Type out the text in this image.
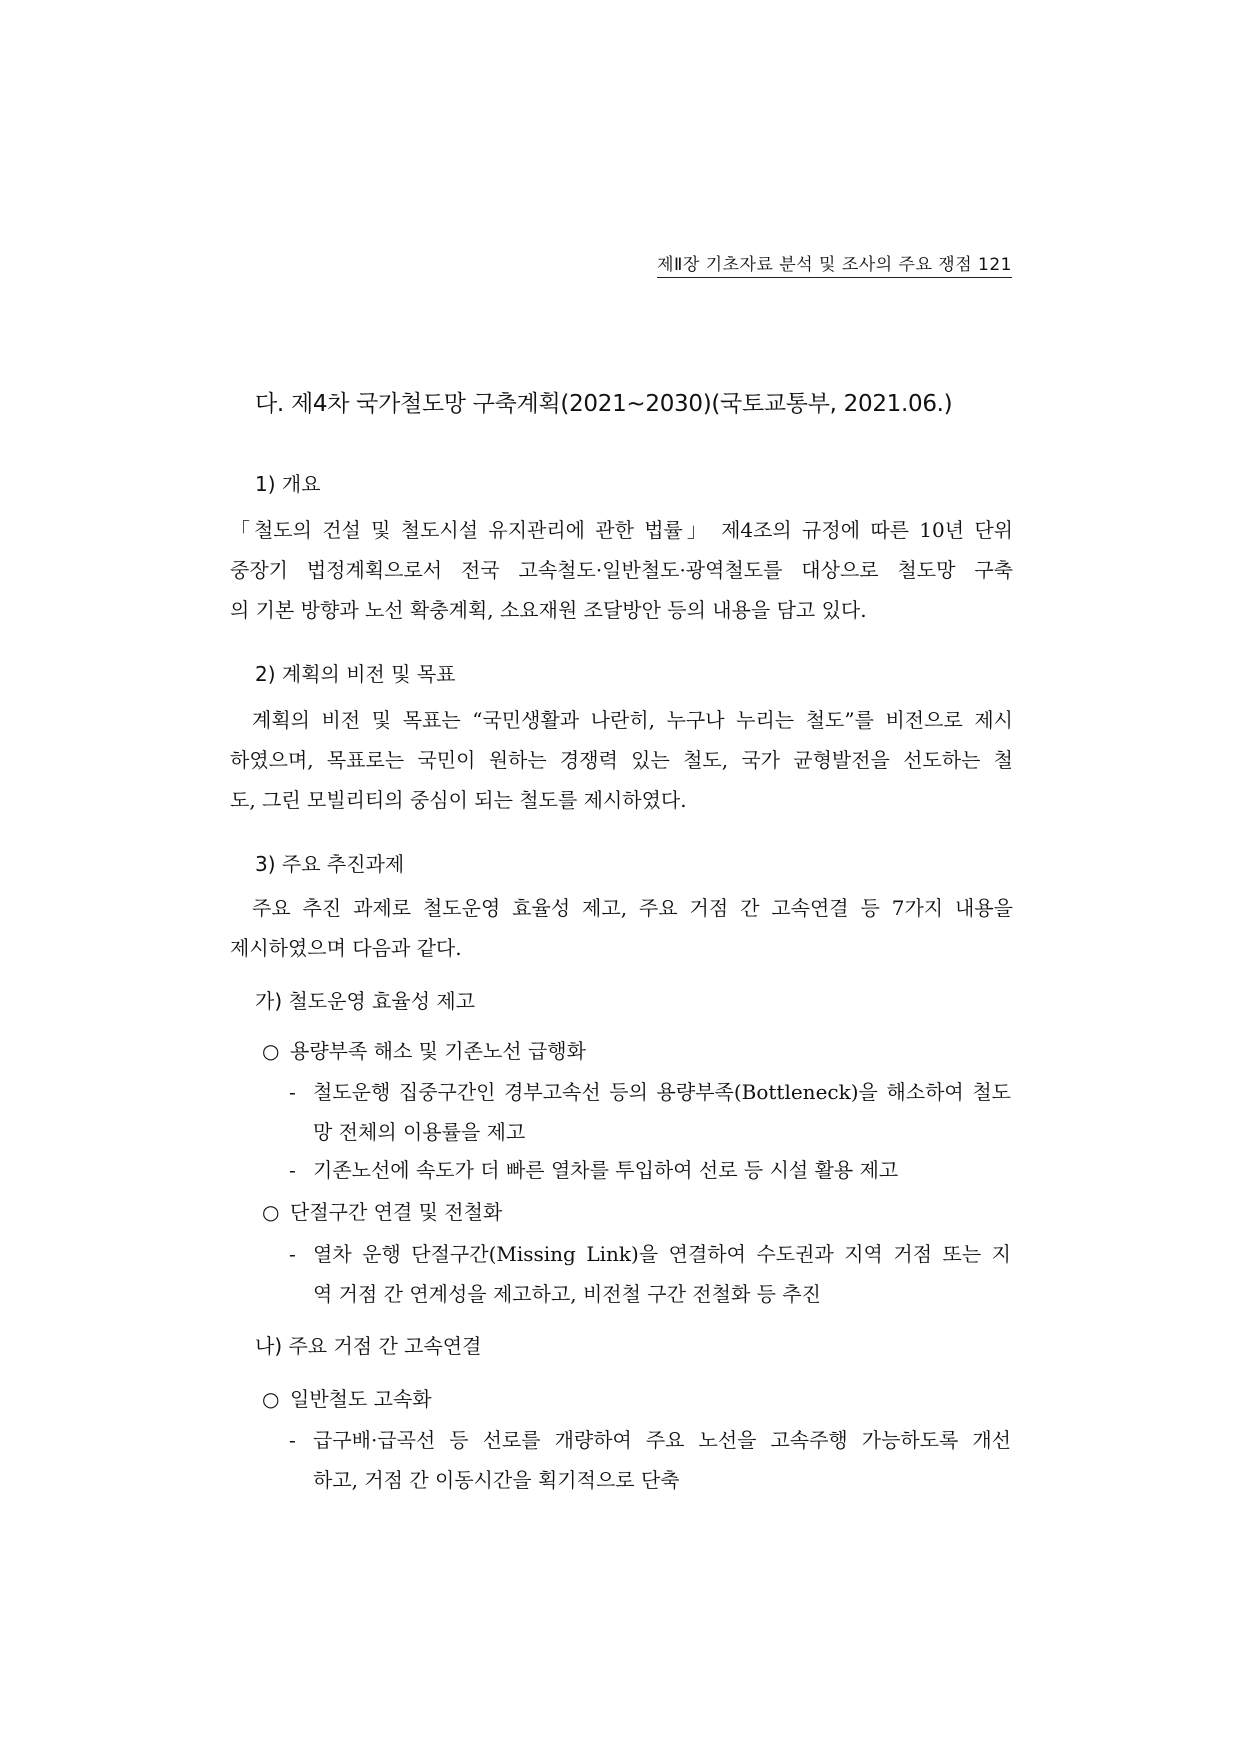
제Ⅱ장 기초자료 분석 및 조사의 주요 쟁점 121
다. 제4차 국가철도망 구축계획(2021~2030)(국토교통부, 2021.06.)
1) 개요
「철도의 건설 및 철도시설 유지관리에 관한 법률」 제4조의 규정에 따른 10년 단위
중장기 법정계획으로서 전국 고속철도·일반철도·광역철도를 대상으로 철도망 구축
의 기본 방향과 노선 확충계획, 소요재원 조달방안 등의 내용을 담고 있다.
2) 계획의 비전 및 목표
계획의 비전 및 목표는 “국민생활과 나란히, 누구나 누리는 철도”를 비전으로 제시
하였으며, 목표로는 국민이 원하는 경쟁력 있는 철도, 국가 균형발전을 선도하는 철
도, 그린 모빌리티의 중심이 되는 철도를 제시하였다.
3) 주요 추진과제
주요 추진 과제로 철도운영 효율성 제고, 주요 거점 간 고속연결 등 7가지 내용을
제시하였으며 다음과 같다.
가) 철도운영 효율성 제고
○ 용량부족 해소 및 기존노선 급행화
- 철도운행 집중구간인 경부고속선 등의 용량부족(Bottleneck)을 해소하여 철도
망 전체의 이용률을 제고
- 기존노선에 속도가 더 빠른 열차를 투입하여 선로 등 시설 활용 제고
○ 단절구간 연결 및 전철화
- 열차 운행 단절구간(Missing Link)을 연결하여 수도권과 지역 거점 또는 지
역 거점 간 연계성을 제고하고, 비전철 구간 전철화 등 추진
나) 주요 거점 간 고속연결
○ 일반철도 고속화
- 급구배·급곡선 등 선로를 개량하여 주요 노선을 고속주행 가능하도록 개선
하고, 거점 간 이동시간을 획기적으로 단축
